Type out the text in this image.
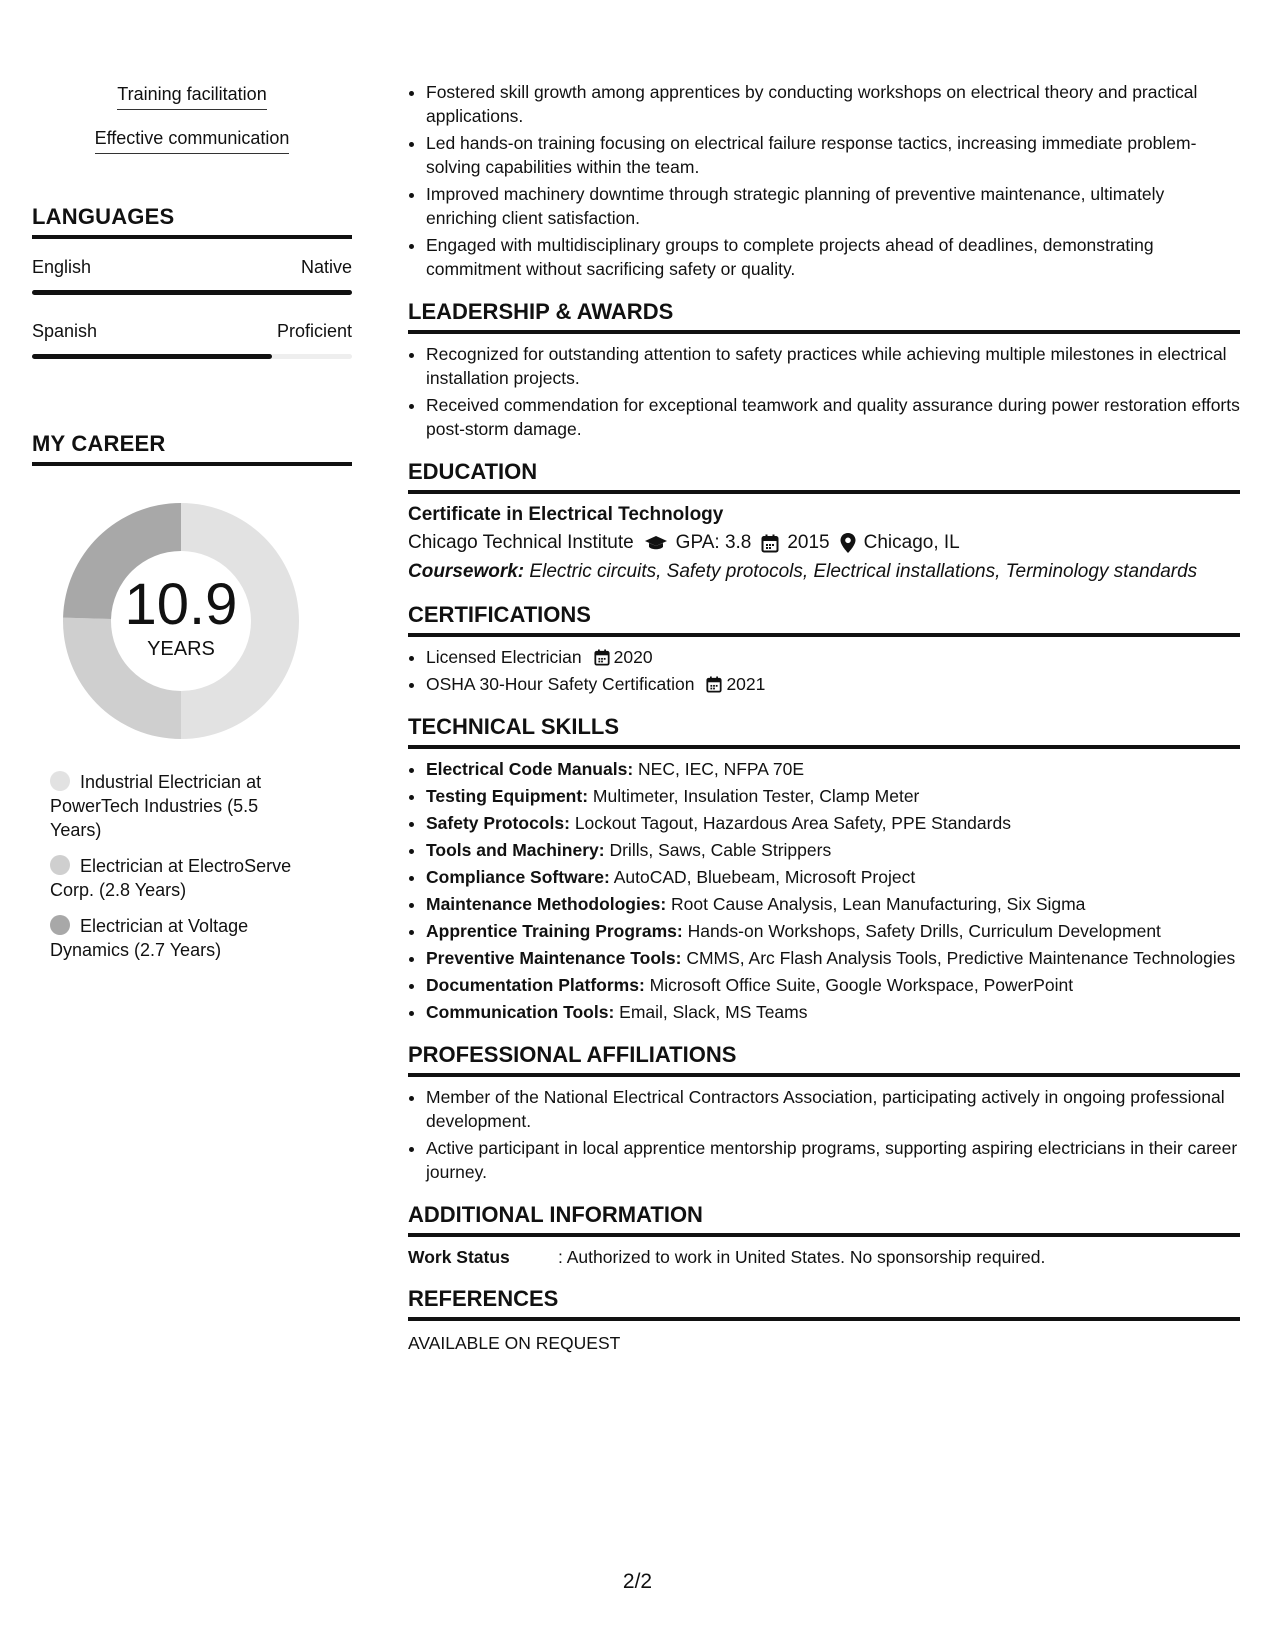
Training facilitation
Effective communication
LANGUAGES
English	Native
Spanish	Proficient
MY CAREER
10.9
YEARS
Industrial Electrician at PowerTech Industries (5.5 Years)
Electrician at ElectroServe Corp. (2.8 Years)
Electrician at Voltage Dynamics (2.7 Years)
• Fostered skill growth among apprentices by conducting workshops on electrical theory and practical applications.
• Led hands-on training focusing on electrical failure response tactics, increasing immediate problem-solving capabilities within the team.
• Improved machinery downtime through strategic planning of preventive maintenance, ultimately enriching client satisfaction.
• Engaged with multidisciplinary groups to complete projects ahead of deadlines, demonstrating commitment without sacrificing safety or quality.
LEADERSHIP & AWARDS
• Recognized for outstanding attention to safety practices while achieving multiple milestones in electrical installation projects.
• Received commendation for exceptional teamwork and quality assurance during power restoration efforts post-storm damage.
EDUCATION
Certificate in Electrical Technology
Chicago Technical Institute GPA: 3.8 2015 Chicago, IL
Coursework: Electric circuits, Safety protocols, Electrical installations, Terminology standards
CERTIFICATIONS
• Licensed Electrician 2020
• OSHA 30-Hour Safety Certification 2021
TECHNICAL SKILLS
• Electrical Code Manuals: NEC, IEC, NFPA 70E
• Testing Equipment: Multimeter, Insulation Tester, Clamp Meter
• Safety Protocols: Lockout Tagout, Hazardous Area Safety, PPE Standards
• Tools and Machinery: Drills, Saws, Cable Strippers
• Compliance Software: AutoCAD, Bluebeam, Microsoft Project
• Maintenance Methodologies: Root Cause Analysis, Lean Manufacturing, Six Sigma
• Apprentice Training Programs: Hands-on Workshops, Safety Drills, Curriculum Development
• Preventive Maintenance Tools: CMMS, Arc Flash Analysis Tools, Predictive Maintenance Technologies
• Documentation Platforms: Microsoft Office Suite, Google Workspace, PowerPoint
• Communication Tools: Email, Slack, MS Teams
PROFESSIONAL AFFILIATIONS
• Member of the National Electrical Contractors Association, participating actively in ongoing professional development.
• Active participant in local apprentice mentorship programs, supporting aspiring electricians in their career journey.
ADDITIONAL INFORMATION
Work Status	: Authorized to work in United States. No sponsorship required.
REFERENCES
AVAILABLE ON REQUEST
2/2
